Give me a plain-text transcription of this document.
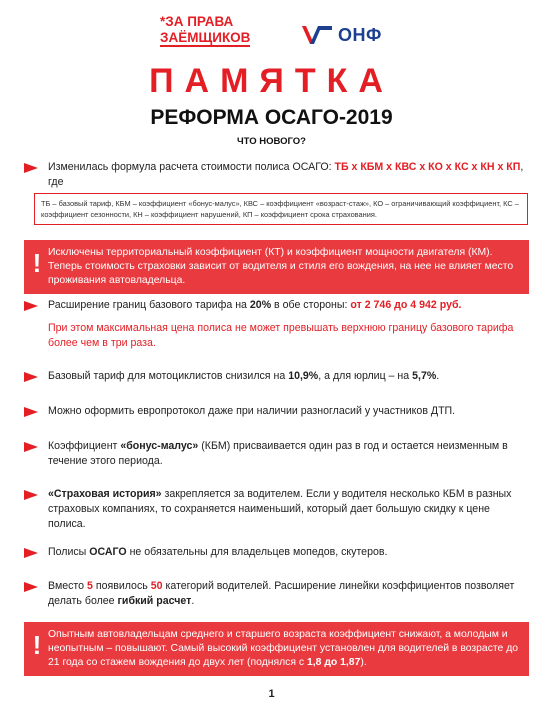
*ЗА ПРАВА
ЗАЁМЩИКОВ	ОНФ
ПАМЯТКА
РЕФОРМА ОСАГО-2019
ЧТО НОВОГО?
Изменилась формула расчета стоимости полиса ОСАГО: ТБ х КБМ х КВС х КО х КС х КН х КП, где
ТБ – базовый тариф, КБМ – коэффициент «бонус-малус», КВС – коэффициент «возраст-стаж», КО – ограничивающий коэффициент, КС – коэффициент сезонности, КН – коэффициент нарушений, КП – коэффициент срока страхования.
! Исключены территориальный коэффициент (КТ) и коэффициент мощности двигателя (КМ). Теперь стоимость страховки зависит от водителя и стиля его вождения, на нее не влияет место проживания автовладельца.
Расширение границ базового тарифа на 20% в обе стороны: от 2 746 до 4 942 руб.
При этом максимальная цена полиса не может превышать верхнюю границу базового тарифа более чем в три раза.
Базовый тариф для мотоциклистов снизился на 10,9%, а для юрлиц – на 5,7%.
Можно оформить европротокол даже при наличии разногласий у участников ДТП.
Коэффициент «бонус-малус» (КБМ) присваивается один раз в год и остается неизменным в течение этого периода.
«Страховая история» закрепляется за водителем. Если у водителя несколько КБМ в разных страховых компаниях, то сохраняется наименьший, который дает большую скидку к цене полиса.
Полисы ОСАГО не обязательны для владельцев мопедов, скутеров.
Вместо 5 появилось 50 категорий водителей. Расширение линейки коэффициентов позволяет делать более гибкий расчет.
! Опытным автовладельцам среднего и старшего возраста коэффициент снижают, а молодым и неопытным – повышают. Самый высокий коэффициент установлен для водителей в возрасте до 21 года со стажем вождения до двух лет (поднялся с 1,8 до 1,87).
1
